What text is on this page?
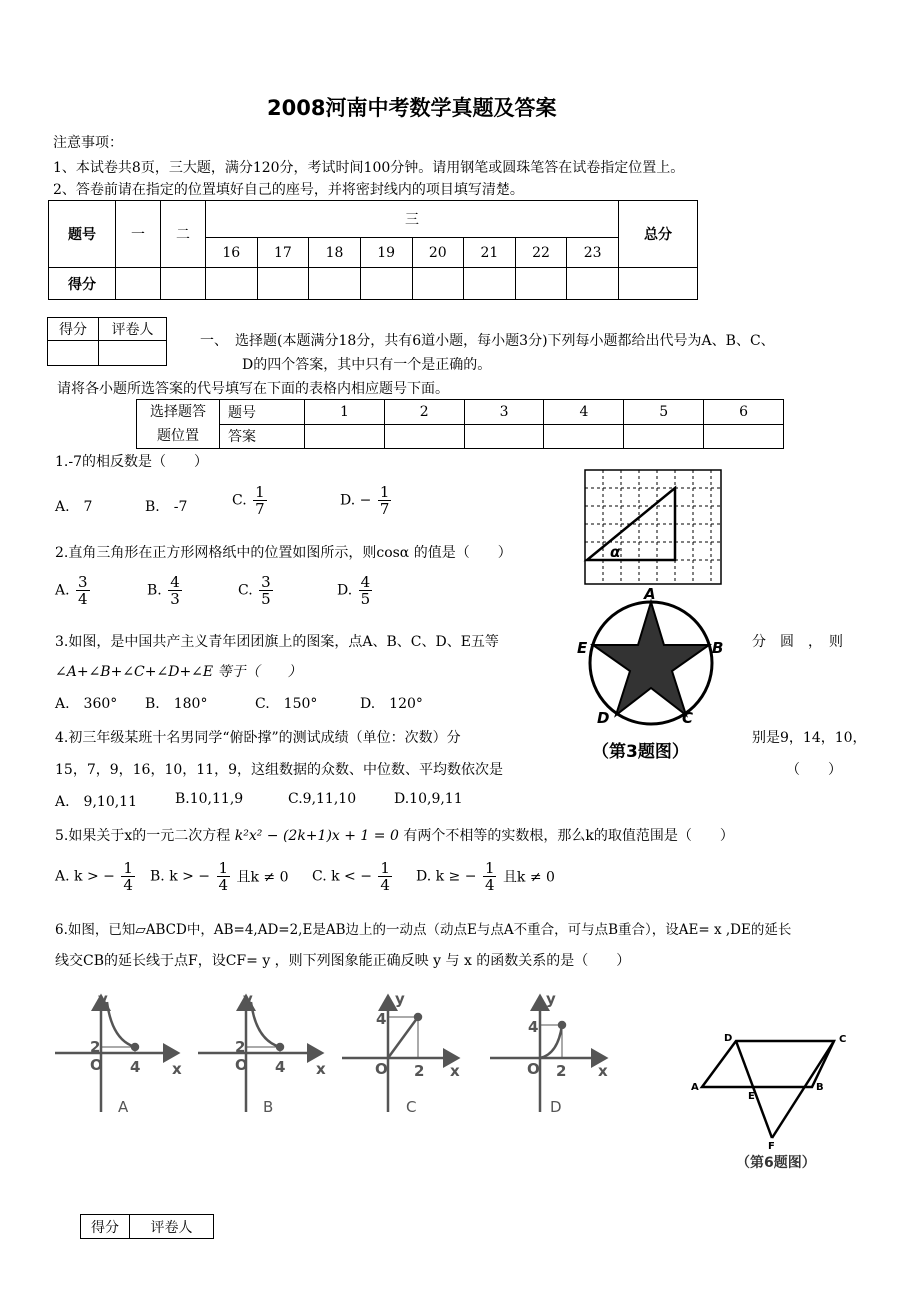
2008河南中考数学真题及答案
注意事项：
1、本试卷共8页，三大题，满分120分，考试时间100分钟。请用钢笔或圆珠笔答在试卷指定位置上。
2、答卷前请在指定的位置填好自己的座号，并将密封线内的项目填写清楚。
题号	一	二	三								总分
			16	17	18	19	20	21	22	23	
得分											
得分	评卷人

一、　选择题(本题满分18分，共有6道小题，每小题3分)下列每小题都给出代号为A、B、C、
D的四个答案，其中只有一个是正确的。
请将各小题所选答案的代号填写在下面的表格内相应题号下面。
选择题答
题位置	题号	1	2	3	4	5	6
	答案						
1.-7的相反数是（　　）
A.　7	B.　-7	C. $\frac{1}{7}$	D. − $\frac{1}{7}$
α
2.直角三角形在正方形网格纸中的位置如图所示，则cosα 的值是（　　）
A. $\frac{3}{4}$	B. $\frac{4}{3}$	C. $\frac{3}{5}$	D. $\frac{4}{5}$	A
B
C
D
E
（第3题图）
3.如图，是中国共产主义青年团团旗上的图案，点A、B、C、D、E五等	分　圆　，　则
∠A+∠B+∠C+∠D+∠E 等于（　　）
A.　360° B.　180°	C.　150°	D.　120°
4.初三年级某班十名男同学“俯卧撑”的测试成绩（单位：次数）分	别是9，14，10，
15，7，9，16，10，11，9，这组数据的众数、中位数、平均数依次是	（　　）
A.　9,10,11	B.10,11,9	C.9,11,10	D.10,9,11
5.如果关于x的一元二次方程 k²x² − (2k+1)x + 1 = 0 有两个不相等的实数根，那么k的取值范围是（　　）
A. k > − $\frac{1}{4} B$. k > − $\frac{1}{4}$ 且k ≠ 0 C. k < − $\frac{1}{4} D$. k ≥ − $\frac{1}{4}$ 且k ≠ 0
6.如图，已知▱ABCD中，AB=4,AD=2,E是AB边上的一动点（动点E与点A不重合，可与点B重合），设AE= x ,DE的延长
线交CB的延长线于点F，设CF= y ，则下列图象能正确反映 y 与 x 的函数关系的是（　　）
y
x
O
2
4
A
y
x
O
2
4
B
y
x
O
4
2
C
y
x
O
4
2
D
D	C
A	B
E
F
（第6题图）
得分	评卷人
